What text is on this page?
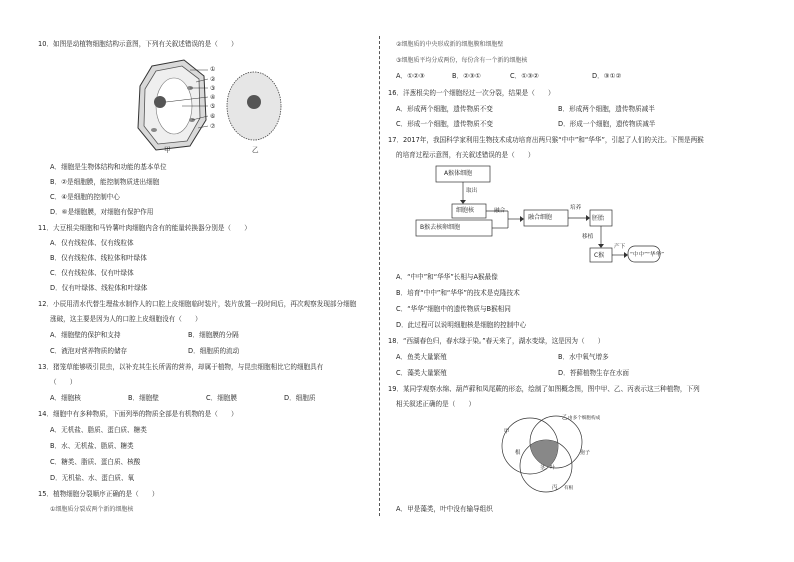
10．如图是动植物细胞结构示意图，下列有关叙述错误的是（　　）
①
②
③
④
⑤
⑥
⑦
甲	乙
A．细胞是生物体结构和功能的基本单位
B．②是细胞膜，能控制物质进出细胞
C．④是细胞的控制中心
D．⑥是细胞膜，对细胞有保护作用
11．大豆根尖细胞和马铃薯叶肉细胞内含有的能量转换器分别是（　　）
A．仅有线粒体、仅有线粒体
B．仅有线粒体、线粒体和叶绿体
C．仅有线粒体、仅有叶绿体
D．仅有叶绿体、线粒体和叶绿体
12．小辰用清水代替生理盐水制作人的口腔上皮细胞临时装片，装片放置一段时间后，再次观察发现部分细胞
涨破，这主要是因为人的口腔上皮细胞没有（　　）
A．细胞壁的保护和支持	B．细胞膜的分隔
C．液泡对营养物质的储存	D．细胞质的流动
13．猪笼草能够吸引昆虫，以补充其生长所需的营养，却属于植物，与昆虫细胞相比它的细胞具有
（　　）
A．细胞核	B．细胞壁	C．细胞膜	D．细胞质
14．细胞中有多种物质，下面列举的物质全部是有机物的是（　　）
A．无机盐、脂质、蛋白质、糖类
B．水、无机盐、脂质、糖类
C．糖类、脂质、蛋白质、核酸
D．无机盐、水、蛋白质、氧
15．植物细胞分裂顺序正确的是（　　）
①细胞质分裂成两个新的细胞核
②细胞质的中央形成新的细胞膜和细胞壁
③细胞质平均分成两份，每份含有一个新的细胞核
A．①②③	B．②③①	C．①③②	D．③①②
16．洋葱根尖的一个细胞经过一次分裂，结果是（　　）
A．形成两个细胞，遗传物质不变	B．形成两个细胞，遗传物质减半
C．形成一个细胞，遗传物质不变	D．形成一个细胞，遗传物质减半
17．2017年，我国科学家利用生物技术成功培育出两只猴“中中”和“华华”，引起了人们的关注。下图是两猴
的培育过程示意图，有关叙述错误的是（　　）
A猴体细胞
取出
细胞核
B猴去核卵细胞
融合
融合细胞
培养
胚胎
移植
C猴
产下
“中中”“华华”
A．“中中”和“华华”长相与A猴最像
B．培育“中中”和“华华”的技术是克隆技术
C．“华华”细胞中的遗传物质与B猴相同
D．此过程可以说明细胞核是细胞的控制中心
18．“西湖春色归，春水绿于染。”春天来了，湖水变绿，这是因为（　　）
A．鱼类大量繁殖	B．水中氧气增多
C．藻类大量繁殖	D．苔藓植物生存在水面
19．某同学观察水绵、葫芦藓和凤尾蕨的形态，绘制了如图概念图，图中甲、乙、丙表示这三种植物，下列
相关叙述正确的是（　　）
甲
根
乙 由多个细胞构成
茎、叶
孢子
丙 有根
A．甲是藻类，叶中没有输导组织
